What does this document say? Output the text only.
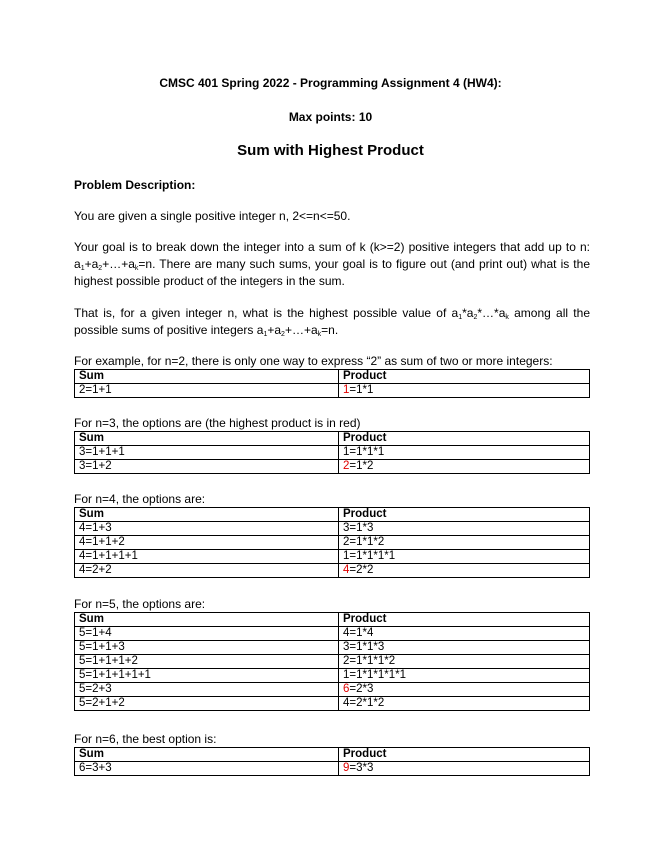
CMSC 401 Spring 2022 - Programming Assignment 4 (HW4):
Max points: 10
Sum with Highest Product
Problem Description:
You are given a single positive integer n, 2<=n<=50.
Your goal is to break down the integer into a sum of k (k>=2) positive integers that add up to n:
$a_1+a_2+\dots+a_k=n$. There are many such sums, your goal is to figure out (and print out) what is the
highest possible product of the integers in the sum.
That is, for a given integer n, what is the highest possible value of $a_1*a_2*\dots*a_k$ among all the
possible sums of positive integers $a_1+a_2+\dots+a_k=n$.
For example, for n=2, there is only one way to express “2” as sum of two or more integers:
Sum	Product
2=1+1	1=1*1
For n=3, the options are (the highest product is in red)
Sum	Product
3=1+1+1	1=1*1*1
3=1+2	2=1*2
For n=4, the options are:
Sum	Product
4=1+3	3=1*3
4=1+1+2	2=1*1*2
4=1+1+1+1	1=1*1*1*1
4=2+2	4=2*2
For n=5, the options are:
Sum	Product
5=1+4	4=1*4
5=1+1+3	3=1*1*3
5=1+1+1+2	2=1*1*1*2
5=1+1+1+1+1	1=1*1*1*1*1
5=2+3	6=2*3
5=2+1+2	4=2*1*2
For n=6, the best option is:
Sum	Product
6=3+3	9=3*3
